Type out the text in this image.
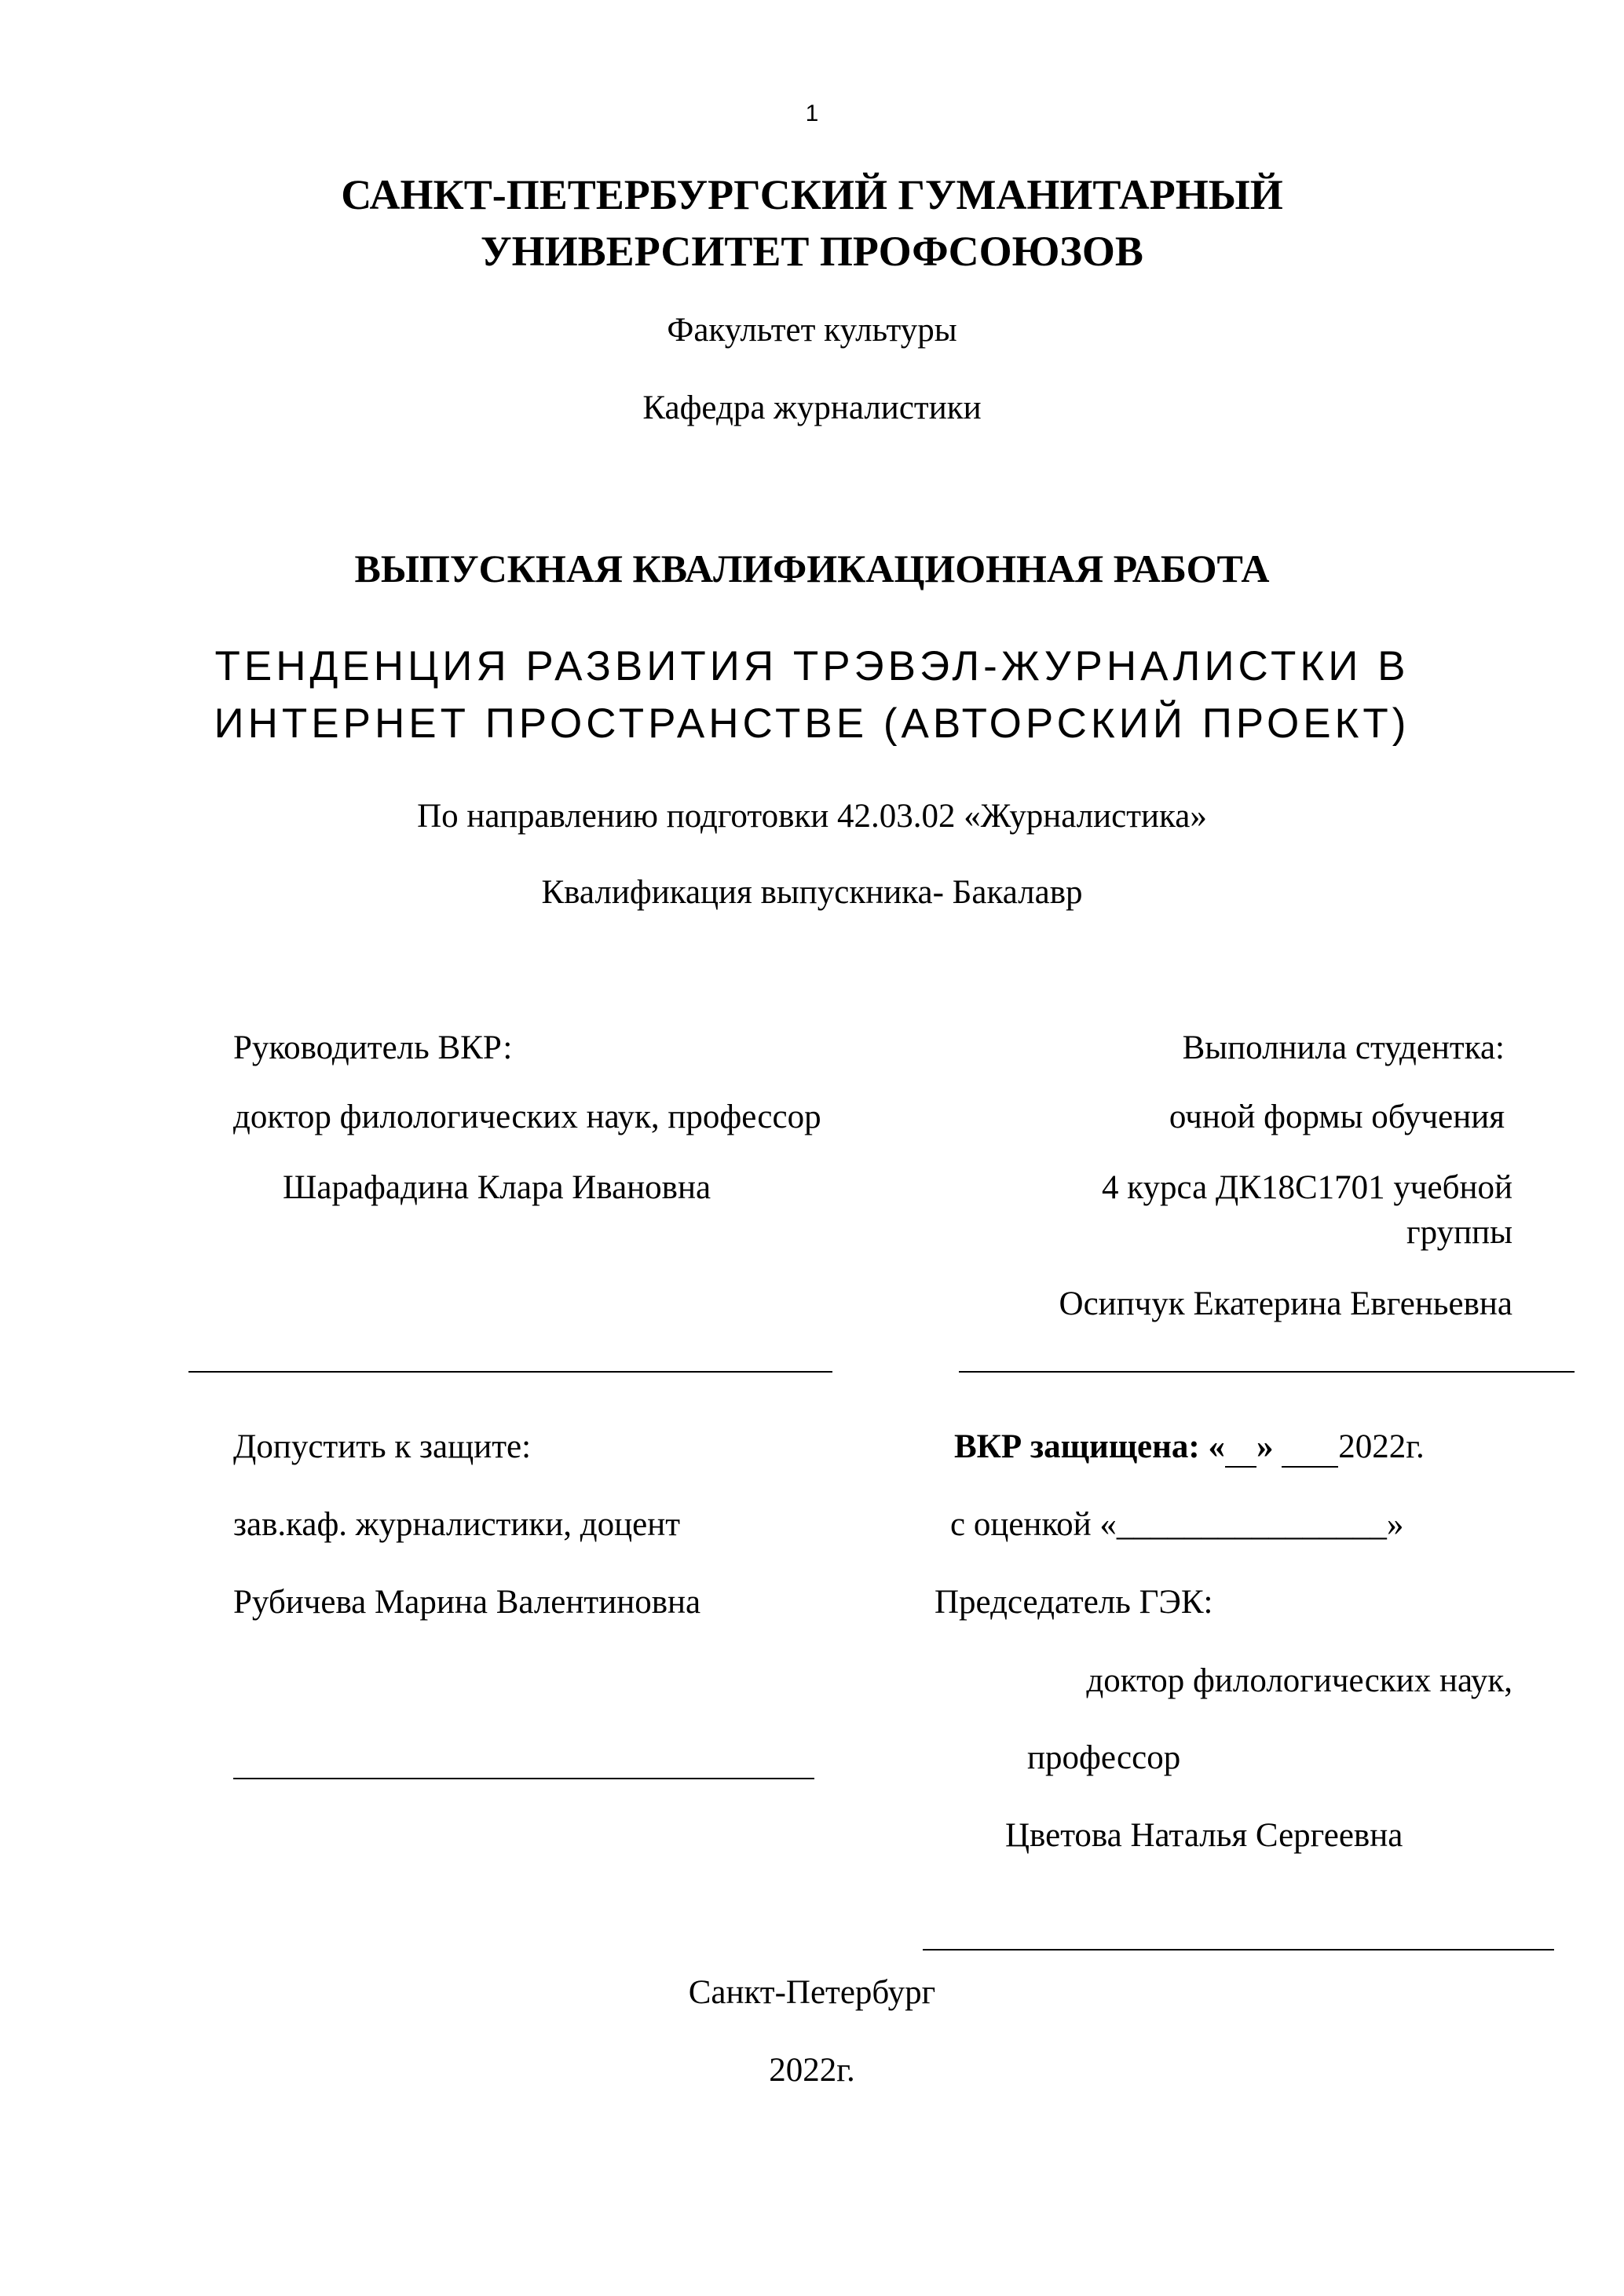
1
САНКТ-ПЕТЕРБУРГСКИЙ ГУМАНИТАРНЫЙ
УНИВЕРСИТЕТ ПРОФСОЮЗОВ
Факультет культуры
Кафедра журналистики
ВЫПУСКНАЯ КВАЛИФИКАЦИОННАЯ РАБОТА
ТЕНДЕНЦИЯ РАЗВИТИЯ ТРЭВЭЛ-ЖУРНАЛИСТКИ В
ИНТЕРНЕТ ПРОСТРАНСТВЕ (АВТОРСКИЙ ПРОЕКТ)
По направлению подготовки 42.03.02 «Журналистика»
Квалификация выпускника- Бакалавр
Руководитель ВКР:
доктор филологических наук, профессор
Шарафадина Клара Ивановна
Выполнила студентка:
очной формы обучения
4 курса ДК18С1701 учебной
группы
Осипчук Екатерина Евгеньевна
Допустить к защите:
зав.каф. журналистики, доцент
Рубичева Марина Валентиновна
ВКР защищена: « » 2022г.
с оценкой «________________»
Председатель ГЭК:
доктор филологических наук,
профессор
Цветова Наталья Сергеевна
Санкт-Петербург
2022г.
